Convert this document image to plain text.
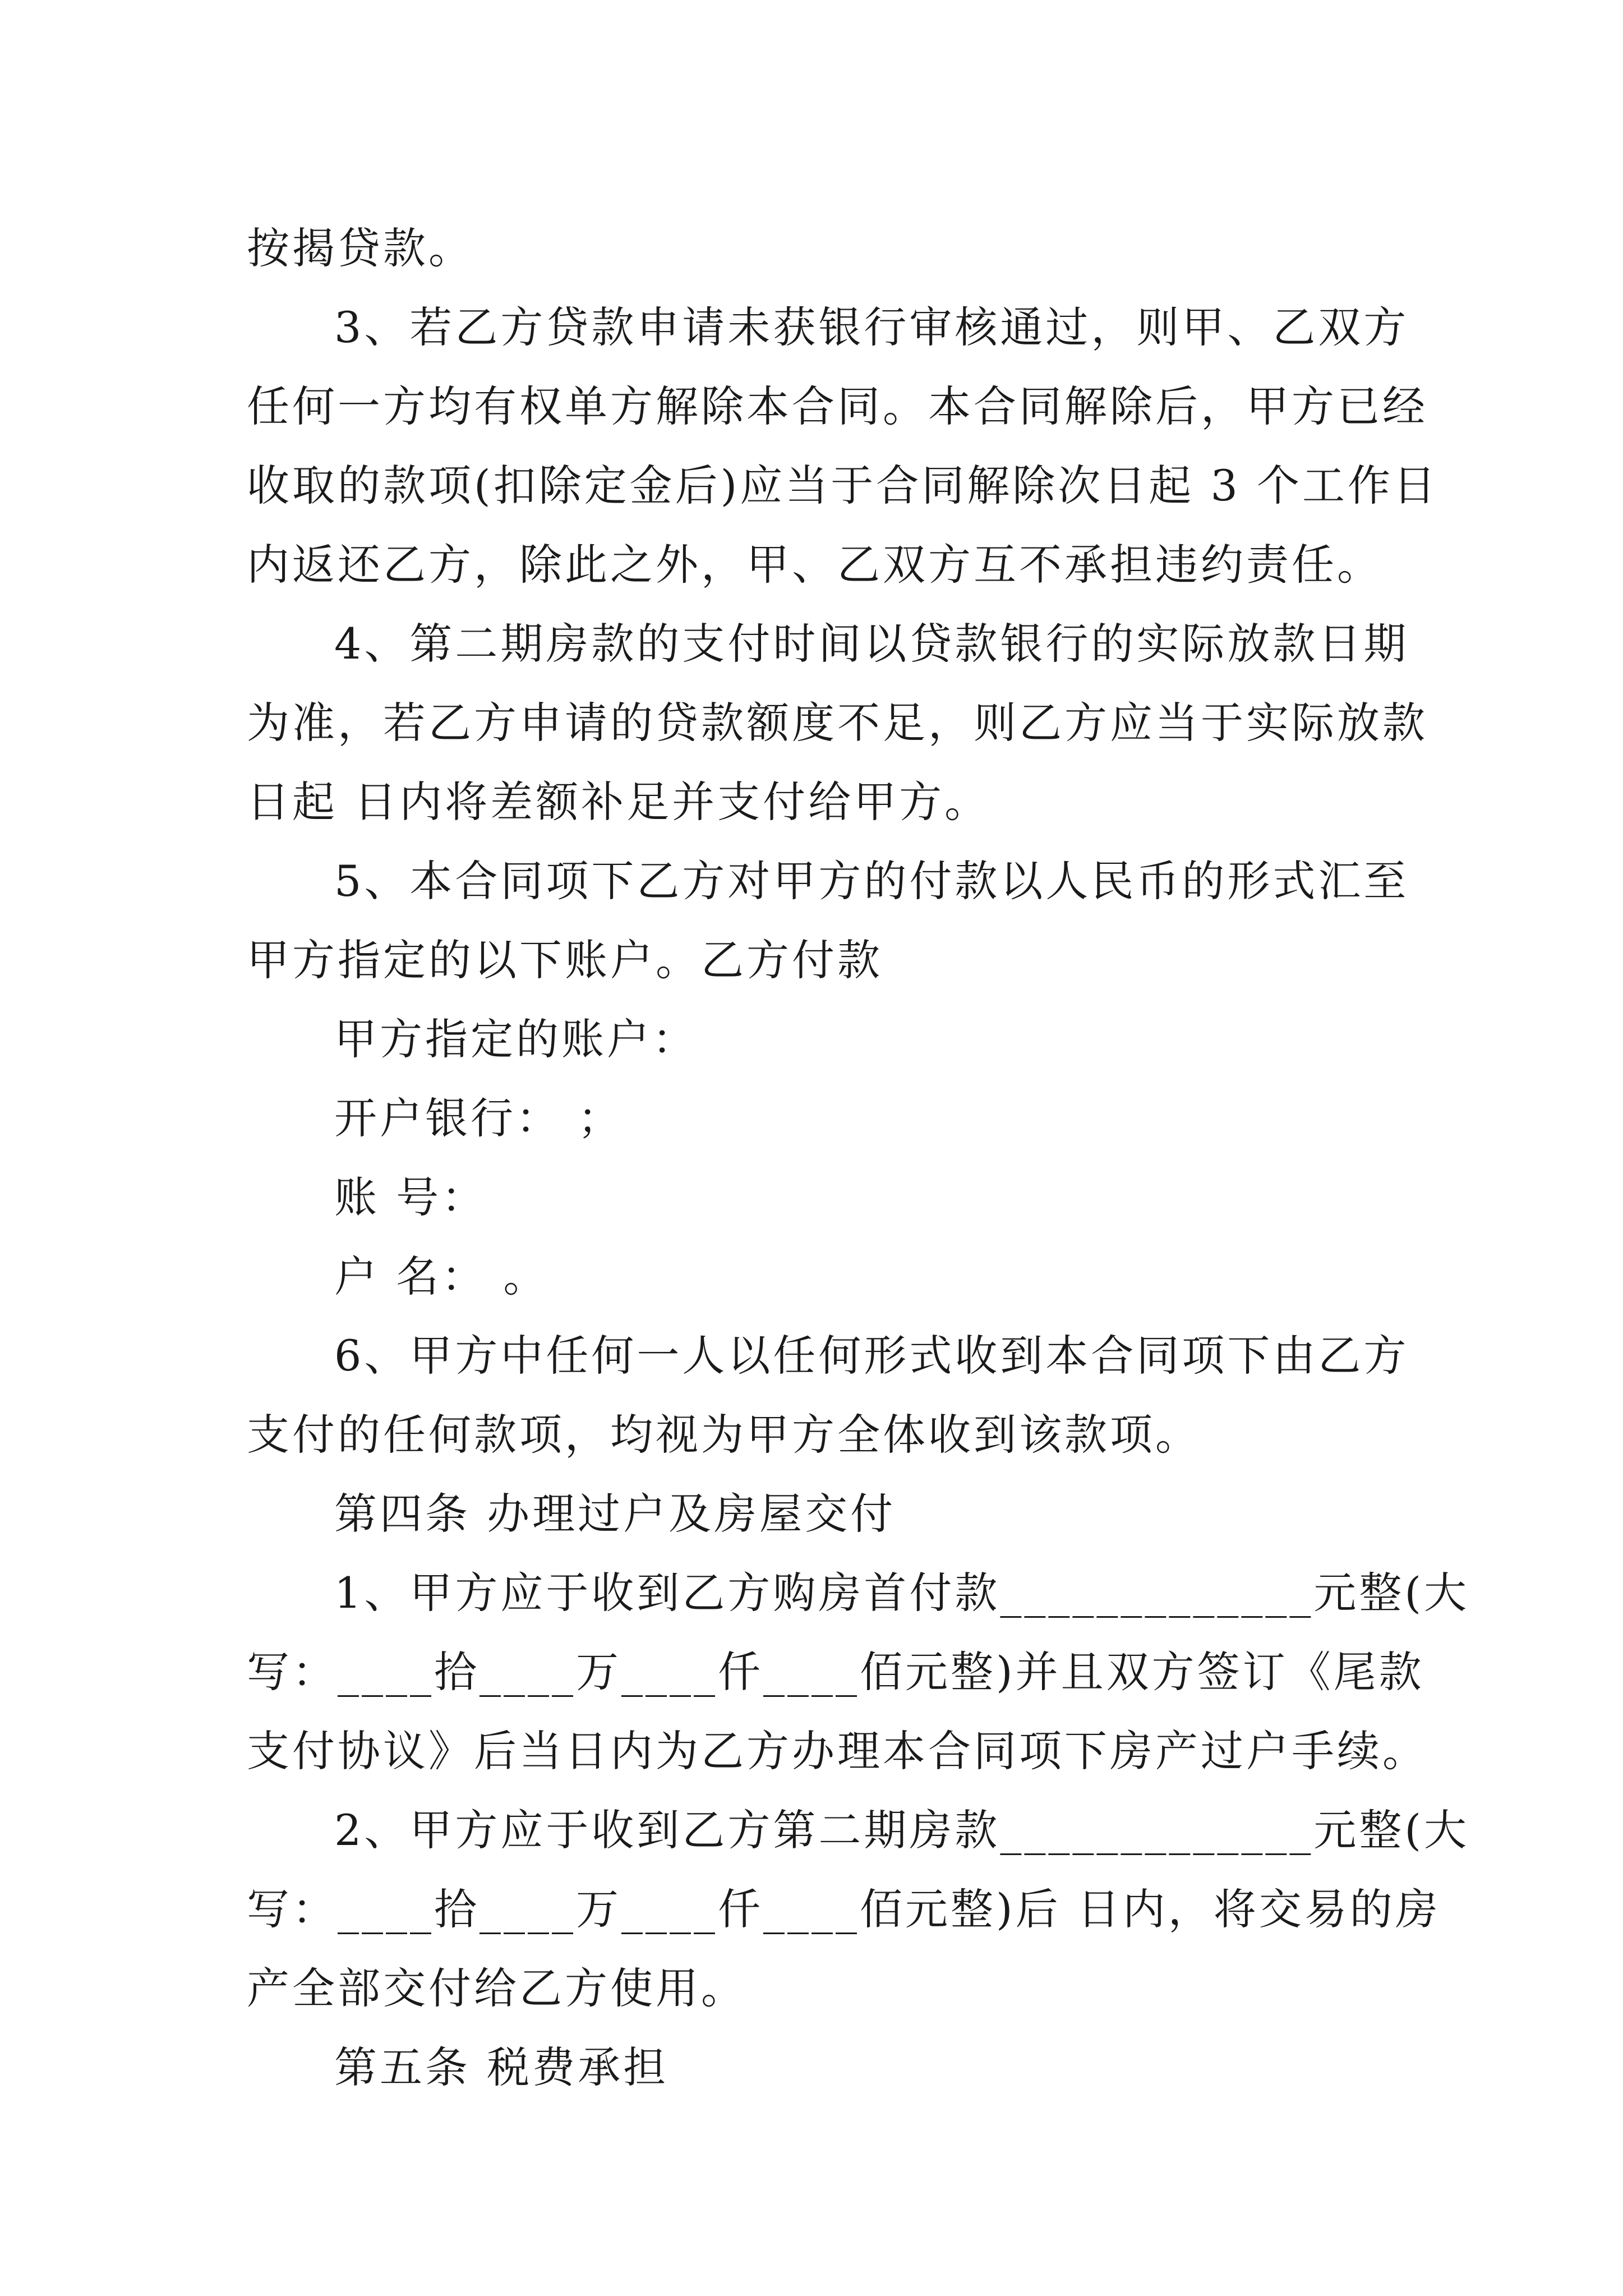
按揭贷款。
3、若乙方贷款申请未获银行审核通过，则甲、乙双方
任何一方均有权单方解除本合同。本合同解除后，甲方已经
收取的款项(扣除定金后)应当于合同解除次日起 3 个工作日
内返还乙方，除此之外，甲、乙双方互不承担违约责任。
4、第二期房款的支付时间以贷款银行的实际放款日期
为准，若乙方申请的贷款额度不足，则乙方应当于实际放款
日起 日内将差额补足并支付给甲方。
5、本合同项下乙方对甲方的付款以人民币的形式汇至
甲方指定的以下账户。乙方付款
甲方指定的账户：
开户银行： ；
账 号：
户 名： 。
6、甲方中任何一人以任何形式收到本合同项下由乙方
支付的任何款项，均视为甲方全体收到该款项。
第四条 办理过户及房屋交付
1、甲方应于收到乙方购房首付款_____________元整(大
写：____拾____万____仟____佰元整)并且双方签订《尾款
支付协议》后当日内为乙方办理本合同项下房产过户手续。
2、甲方应于收到乙方第二期房款_____________元整(大
写：____拾____万____仟____佰元整)后 日内，将交易的房
产全部交付给乙方使用。
第五条 税费承担
